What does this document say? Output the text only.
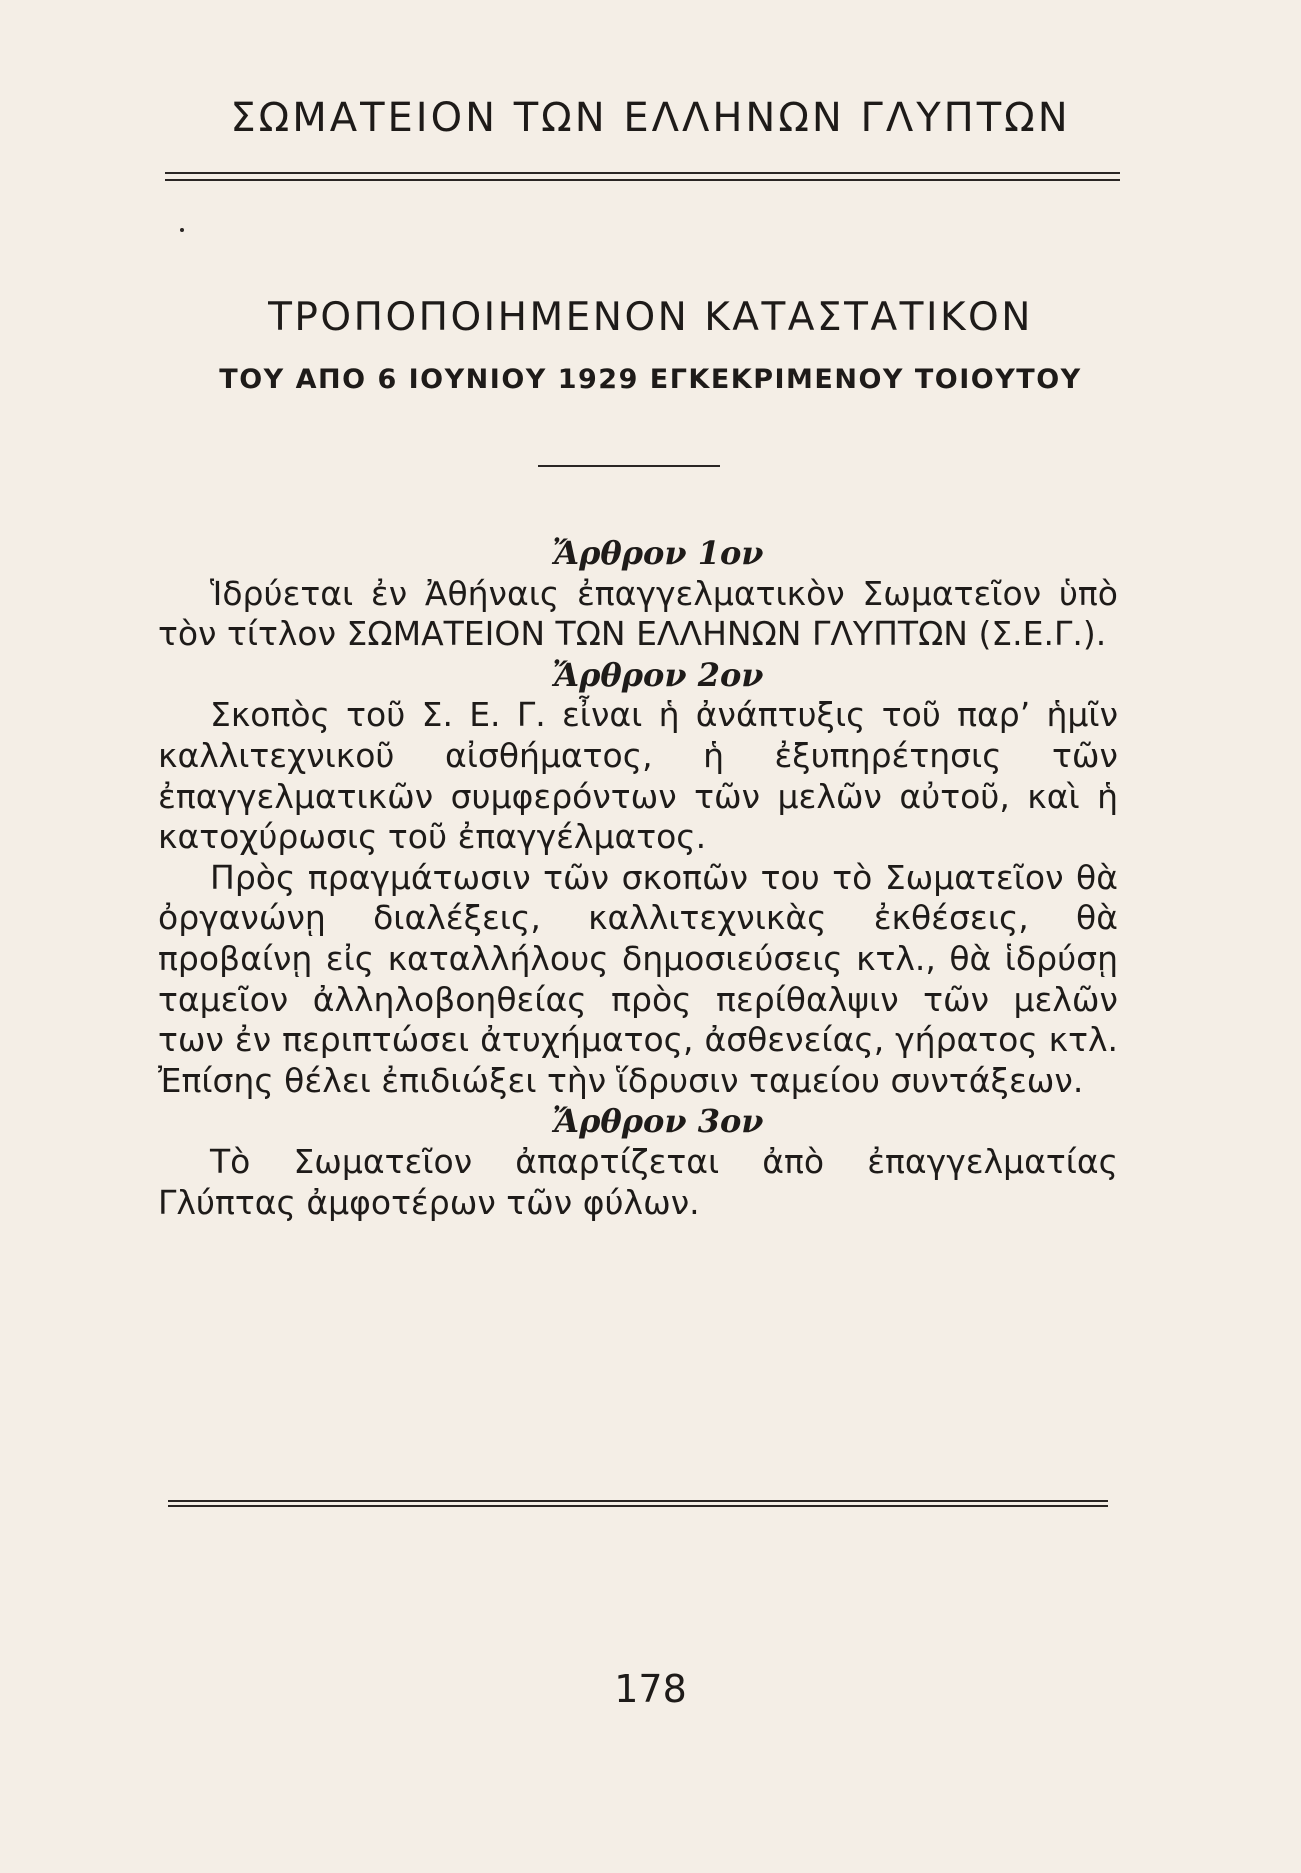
ΣΩΜΑΤΕΙΟΝ ΤΩΝ ΕΛΛΗΝΩΝ ΓΛΥΠΤΩΝ
ΤΡΟΠΟΠΟΙΗΜΕΝΟΝ ΚΑΤΑΣΤΑΤΙΚΟΝ
ΤΟΥ ΑΠΟ 6 ΙΟΥΝΙΟΥ 1929 ΕΓΚΕΚΡΙΜΕΝΟΥ ΤΟΙΟΥΤΟΥ
Ἄρθρον 1ον

Ἱδρύεται ἐν Ἀθήναις ἐπαγγελματικὸν Σωματεῖον ὑπὸ τὸν τίτλον ΣΩΜΑΤΕΙΟΝ ΤΩΝ ΕΛΛΗΝΩΝ ΓΛΥΠΤΩΝ (Σ.Ε.Γ.).

Ἄρθρον 2ον

Σκοπὸς τοῦ Σ. Ε. Γ. εἶναι ἡ ἀνάπτυξις τοῦ παρ’ ἡμῖν καλλιτεχνικοῦ αἰσθήματος, ἡ ἐξυπηρέτησις τῶν ἐπαγγελματικῶν συμφερόντων τῶν μελῶν αὐτοῦ, καὶ ἡ κατοχύρωσις τοῦ ἐπαγγέλματος.

Πρὸς πραγμάτωσιν τῶν σκοπῶν του τὸ Σωματεῖον θὰ ὀργανώνῃ διαλέξεις, καλλιτεχνικὰς ἐκθέσεις, θὰ προβαίνῃ εἰς καταλλήλους δημοσιεύσεις κτλ., θὰ ἱδρύσῃ ταμεῖον ἀλληλοβοηθείας πρὸς περίθαλψιν τῶν μελῶν των ἐν περιπτώσει ἀτυχήματος, ἀσθενείας, γήρατος κτλ. Ἐπίσης θέλει ἐπιδιώξει τὴν ἵδρυσιν ταμείου συντάξεων.

Ἄρθρον 3ον

Τὸ Σωματεῖον ἀπαρτίζεται ἀπὸ ἐπαγγελματίας Γλύπτας ἀμφοτέρων τῶν φύλων.

178
